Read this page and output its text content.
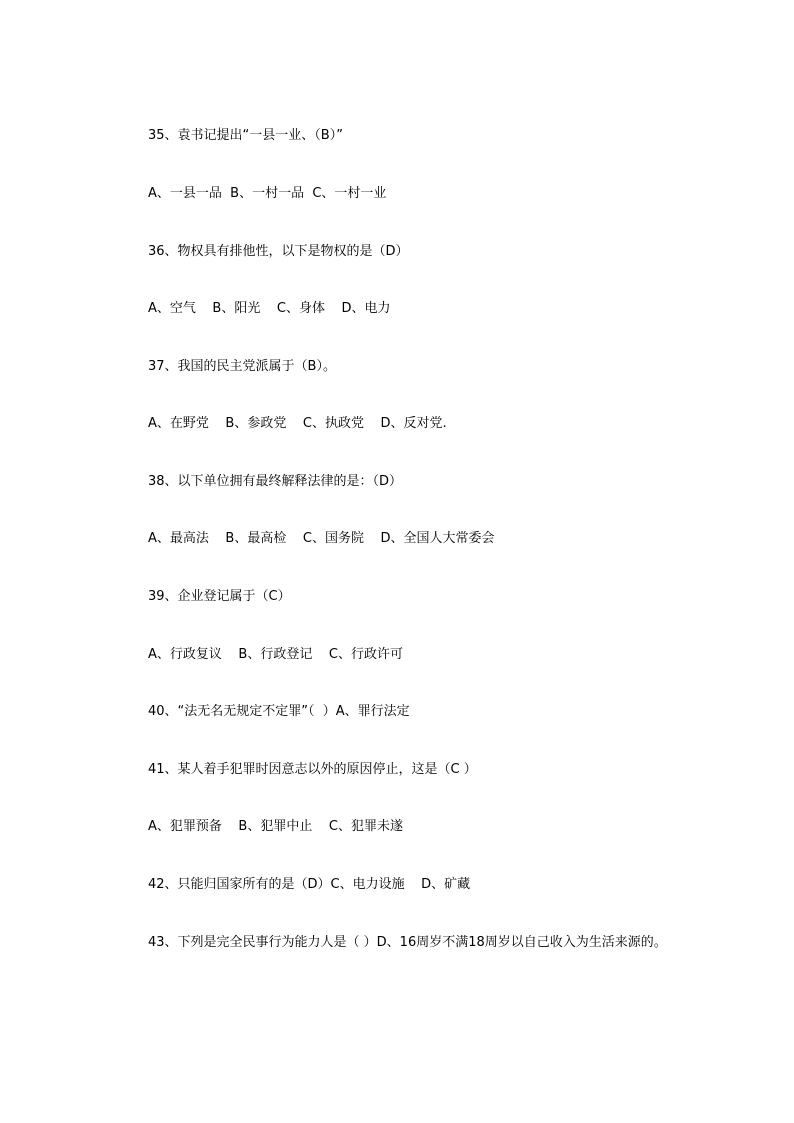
35、袁书记提出“一县一业、（B）”
A、一县一品  B、一村一品  C、一村一业
36、物权具有排他性，以下是物权的是（D）
A、空气    B、阳光    C、身体    D、电力
37、我国的民主党派属于（B）。
A、在野党    B、参政党    C、执政党    D、反对党.
38、以下单位拥有最终解释法律的是：（D）
A、最高法    B、最高检    C、国务院    D、全国人大常委会
39、企业登记属于（C）
A、行政复议    B、行政登记    C、行政许可
40、“法无名无规定不定罪”（  ）A、罪行法定
41、某人着手犯罪时因意志以外的原因停止，这是（C ）
A、犯罪预备    B、犯罪中止    C、犯罪未遂
42、只能归国家所有的是（D）C、电力设施    D、矿藏
43、下列是完全民事行为能力人是（ ）D、16周岁不满18周岁以自己收入为生活来源的。
